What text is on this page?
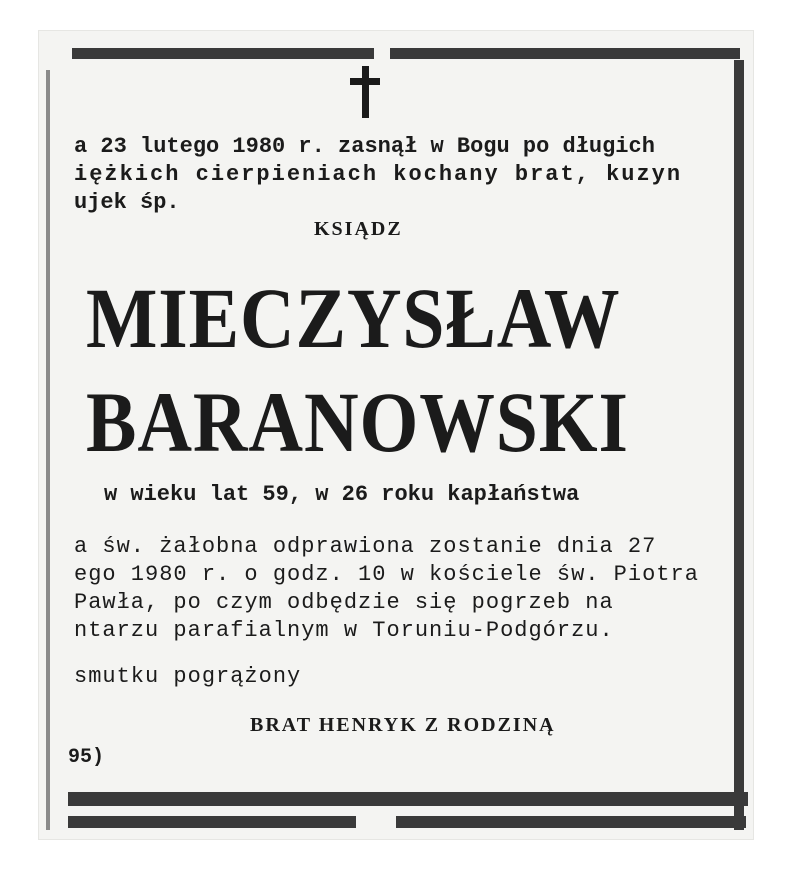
a 23 lutego 1980 r. zasnął w Bogu po długich
iężkich cierpieniach kochany brat, kuzyn
ujek śp.
KSIĄDZ
MIECZYSŁAW
BARANOWSKI
w wieku lat 59, w 26 roku kapłaństwa
a św. żałobna odprawiona zostanie dnia 27
ego 1980 r. o godz. 10 w kościele św. Piotra
Pawła, po czym odbędzie się pogrzeb na
ntarzu parafialnym w Toruniu-Podgórzu.
smutku pogrążony
BRAT HENRYK Z RODZINĄ
95)
